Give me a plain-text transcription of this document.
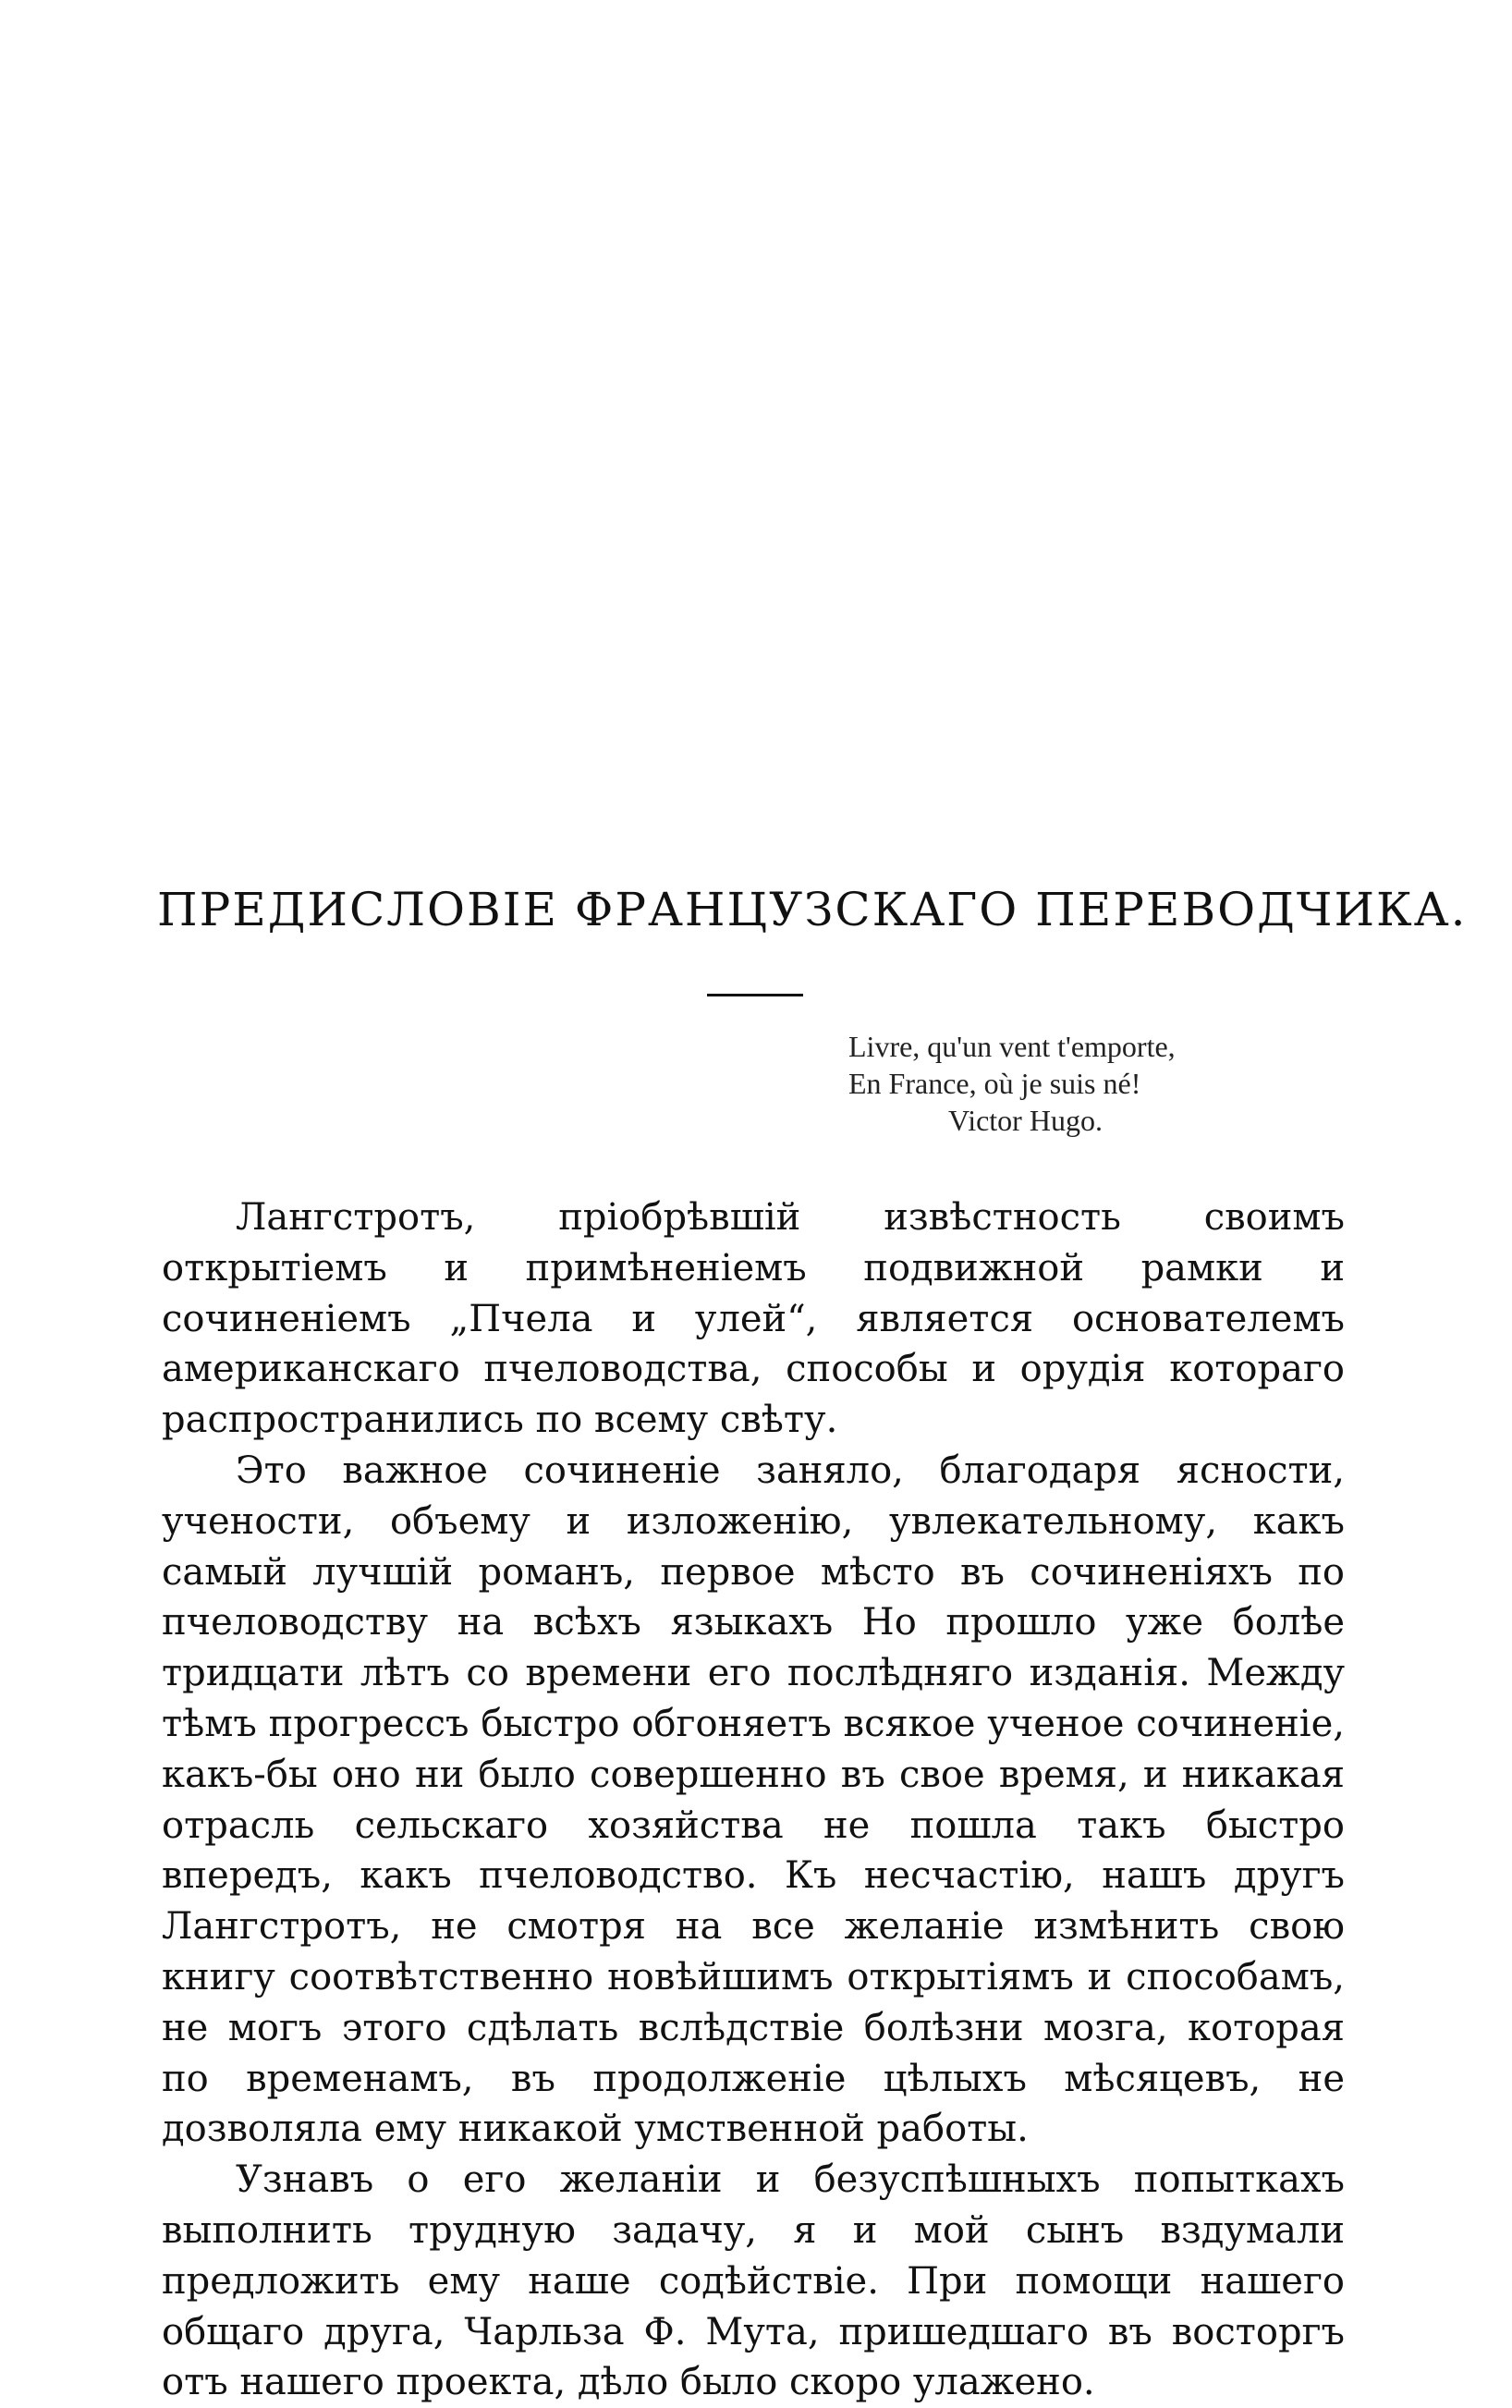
ПРЕДИСЛОВІЕ ФРАНЦУЗСКАГО ПЕРЕВОДЧИКА.
Livre, qu'un vent t'emporte,
En France, où je suis né!
Victor Hugo.

Лангстротъ, пріобрѣвшій извѣстность своимъ открытіемъ и примѣненіемъ подвижной рамки и сочиненіемъ „Пчела и улей“, является основателемъ американскаго пчеловодства, способы и орудія котораго распространились по всему свѣту.

Это важное сочиненіе заняло, благодаря ясности, учености, объему и изложенію, увлекательному, какъ самый лучшій романъ, первое мѣсто въ сочиненіяхъ по пчеловодству на всѣхъ языкахъ Но прошло уже болѣе тридцати лѣтъ со времени его послѣдняго изданія. Между тѣмъ прогрессъ быстро обгоняетъ всякое ученое сочиненіе, какъ-бы оно ни было совершенно въ свое время, и никакая отрасль сельскаго хозяйства не пошла такъ быстро впередъ, какъ пчеловодство. Къ несчастію, нашъ другъ Лангстротъ, не смотря на все желаніе измѣнить свою книгу соотвѣтственно новѣйшимъ открытіямъ и способамъ, не могъ этого сдѣлать вслѣдствіе болѣзни мозга, которая по временамъ, въ продолженіе цѣлыхъ мѣсяцевъ, не дозволяла ему никакой умственной работы.

Узнавъ о его желаніи и безуспѣшныхъ попыткахъ выполнить трудную задачу, я и мой сынъ вздумали предложить ему наше содѣйствіе. При помощи нашего общаго друга, Чарльза Ф. Мута, пришедшаго въ восторгъ отъ нашего проекта, дѣло было скоро улажено.
